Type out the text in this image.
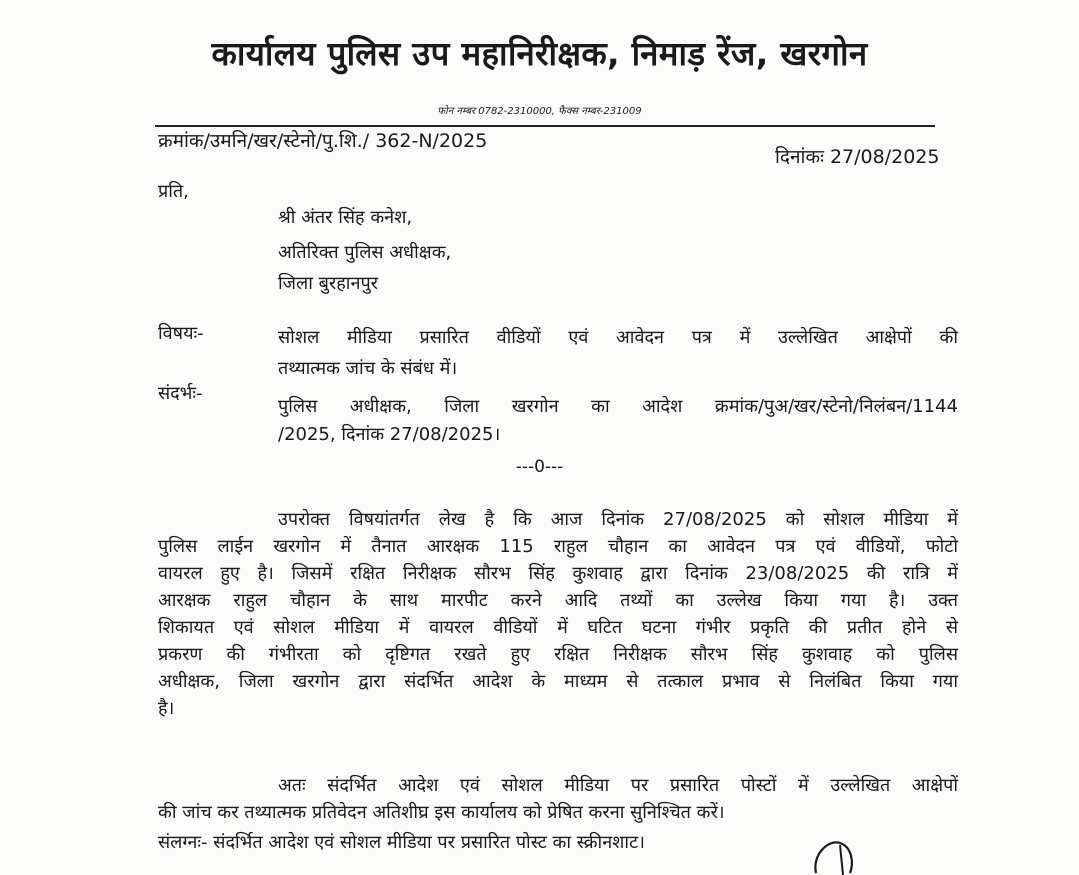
कार्यालय पुलिस उप महानिरीक्षक, निमाड़ रेंज, खरगोन
फोन नम्बर 0782-2310000, फैक्स नम्बर-231009
क्रमांक/उमनि/खर/स्टेनो/पु.शि./ 362-N/2025
दिनांकः 27/08/2025
प्रति,
श्री अंतर सिंह कनेश,
अतिरिक्त पुलिस अधीक्षक,
जिला बुरहानपुर
विषयः-	सोशल मीडिया प्रसारित वीडियों एवं आवेदन पत्र में उल्लेखित आक्षेपों की
तथ्यात्मक जांच के संबंध में।
संदर्भः-
पुलिस अधीक्षक, जिला खरगोन का आदेश क्रमांक/पुअ/खर/स्टेनो/निलंबन/1144
/2025, दिनांक 27/08/2025।
---0---
उपरोक्त विषयांतर्गत लेख है कि आज दिनांक 27/08/2025 को सोशल मीडिया में
पुलिस लाईन खरगोन में तैनात आरक्षक 115 राहुल चौहान का आवेदन पत्र एवं वीडियों, फोटो
वायरल हुए है। जिसमें रक्षित निरीक्षक सौरभ सिंह कुशवाह द्वारा दिनांक 23/08/2025 की रात्रि में
आरक्षक राहुल चौहान के साथ मारपीट करने आदि तथ्यों का उल्लेख किया गया है। उक्त
शिकायत एवं सोशल मीडिया में वायरल वीडियों में घटित घटना गंभीर प्रकृति की प्रतीत होने से
प्रकरण की गंभीरता को दृष्टिगत रखते हुए रक्षित निरीक्षक सौरभ सिंह कुशवाह को पुलिस
अधीक्षक, जिला खरगोन द्वारा संदर्भित आदेश के माध्यम से तत्काल प्रभाव से निलंबित किया गया
है।
अतः संदर्भित आदेश एवं सोशल मीडिया पर प्रसारित पोस्टों में उल्लेखित आक्षेपों
की जांच कर तथ्यात्मक प्रतिवेदन अतिशीघ्र इस कार्यालय को प्रेषित करना सुनिश्चित करें।
संलग्नः- संदर्भित आदेश एवं सोशल मीडिया पर प्रसारित पोस्ट का स्क्रीनशाट।
